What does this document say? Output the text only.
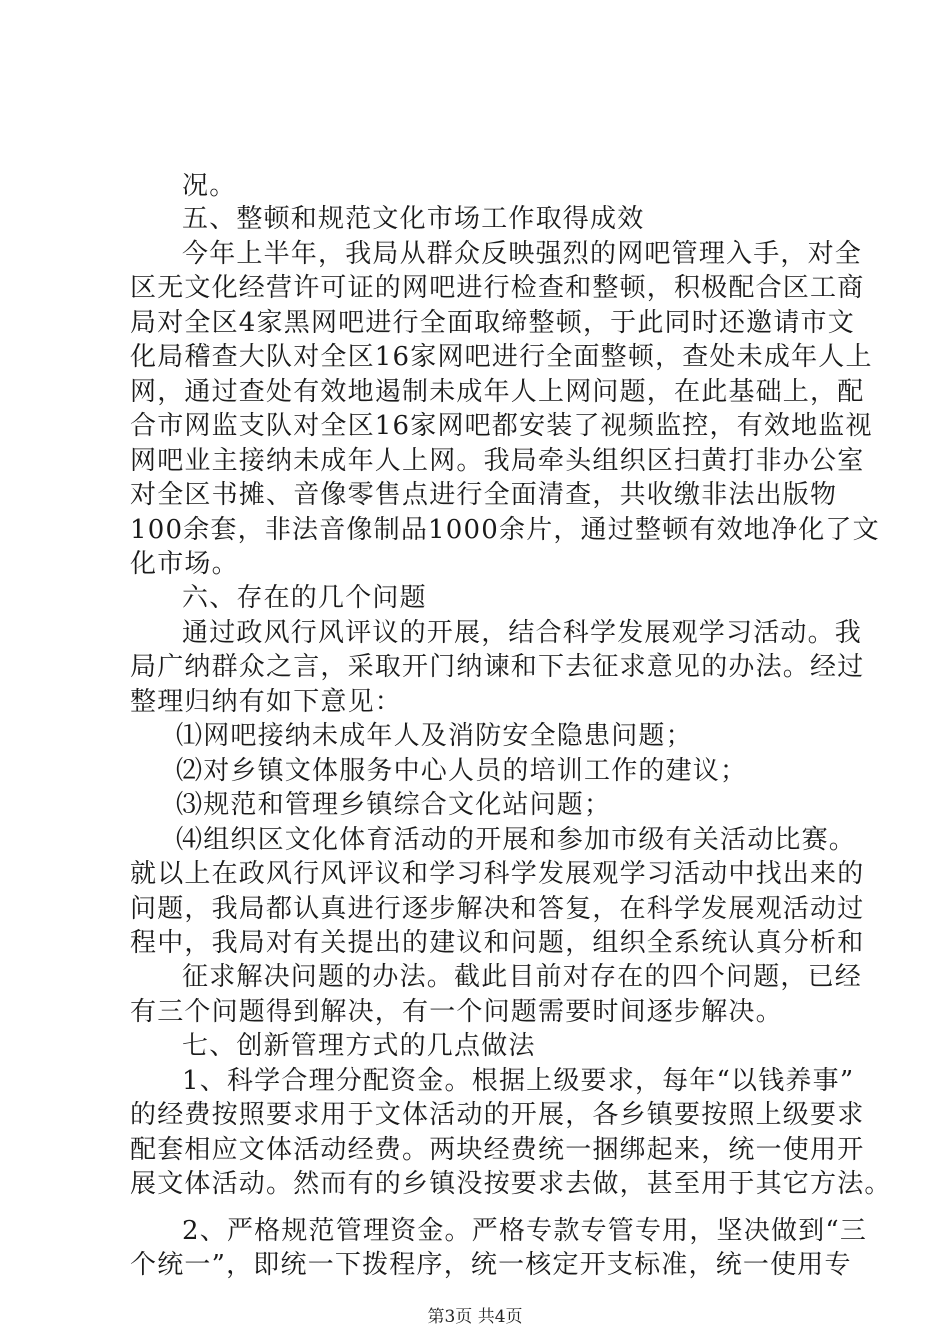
况。
五、整顿和规范文化市场工作取得成效
今年上半年，我局从群众反映强烈的网吧管理入手，对全
区无文化经营许可证的网吧进行检查和整顿，积极配合区工商
局对全区4家黑网吧进行全面取缔整顿，于此同时还邀请市文
化局稽查大队对全区16家网吧进行全面整顿，查处未成年人上
网，通过查处有效地遏制未成年人上网问题，在此基础上，配
合市网监支队对全区16家网吧都安装了视频监控，有效地监视
网吧业主接纳未成年人上网。我局牵头组织区扫黄打非办公室
对全区书摊、音像零售点进行全面清查，共收缴非法出版物
100余套，非法音像制品1000余片，通过整顿有效地净化了文
化市场。
六、存在的几个问题
通过政风行风评议的开展，结合科学发展观学习活动。我
局广纳群众之言，采取开门纳谏和下去征求意见的办法。经过
整理归纳有如下意见：
⑴网吧接纳未成年人及消防安全隐患问题；
⑵对乡镇文体服务中心人员的培训工作的建议；
⑶规范和管理乡镇综合文化站问题；
⑷组织区文化体育活动的开展和参加市级有关活动比赛。
就以上在政风行风评议和学习科学发展观学习活动中找出来的
问题，我局都认真进行逐步解决和答复，在科学发展观活动过
程中，我局对有关提出的建议和问题，组织全系统认真分析和
征求解决问题的办法。截此目前对存在的四个问题，已经
有三个问题得到解决，有一个问题需要时间逐步解决。
七、创新管理方式的几点做法
1、科学合理分配资金。根据上级要求，每年“以钱养事”
的经费按照要求用于文体活动的开展，各乡镇要按照上级要求
配套相应文体活动经费。两块经费统一捆绑起来，统一使用开
展文体活动。然而有的乡镇没按要求去做，甚至用于其它方法。
2、严格规范管理资金。严格专款专管专用，坚决做到“三
个统一”，即统一下拨程序，统一核定开支标准，统一使用专
第3页 共4页
